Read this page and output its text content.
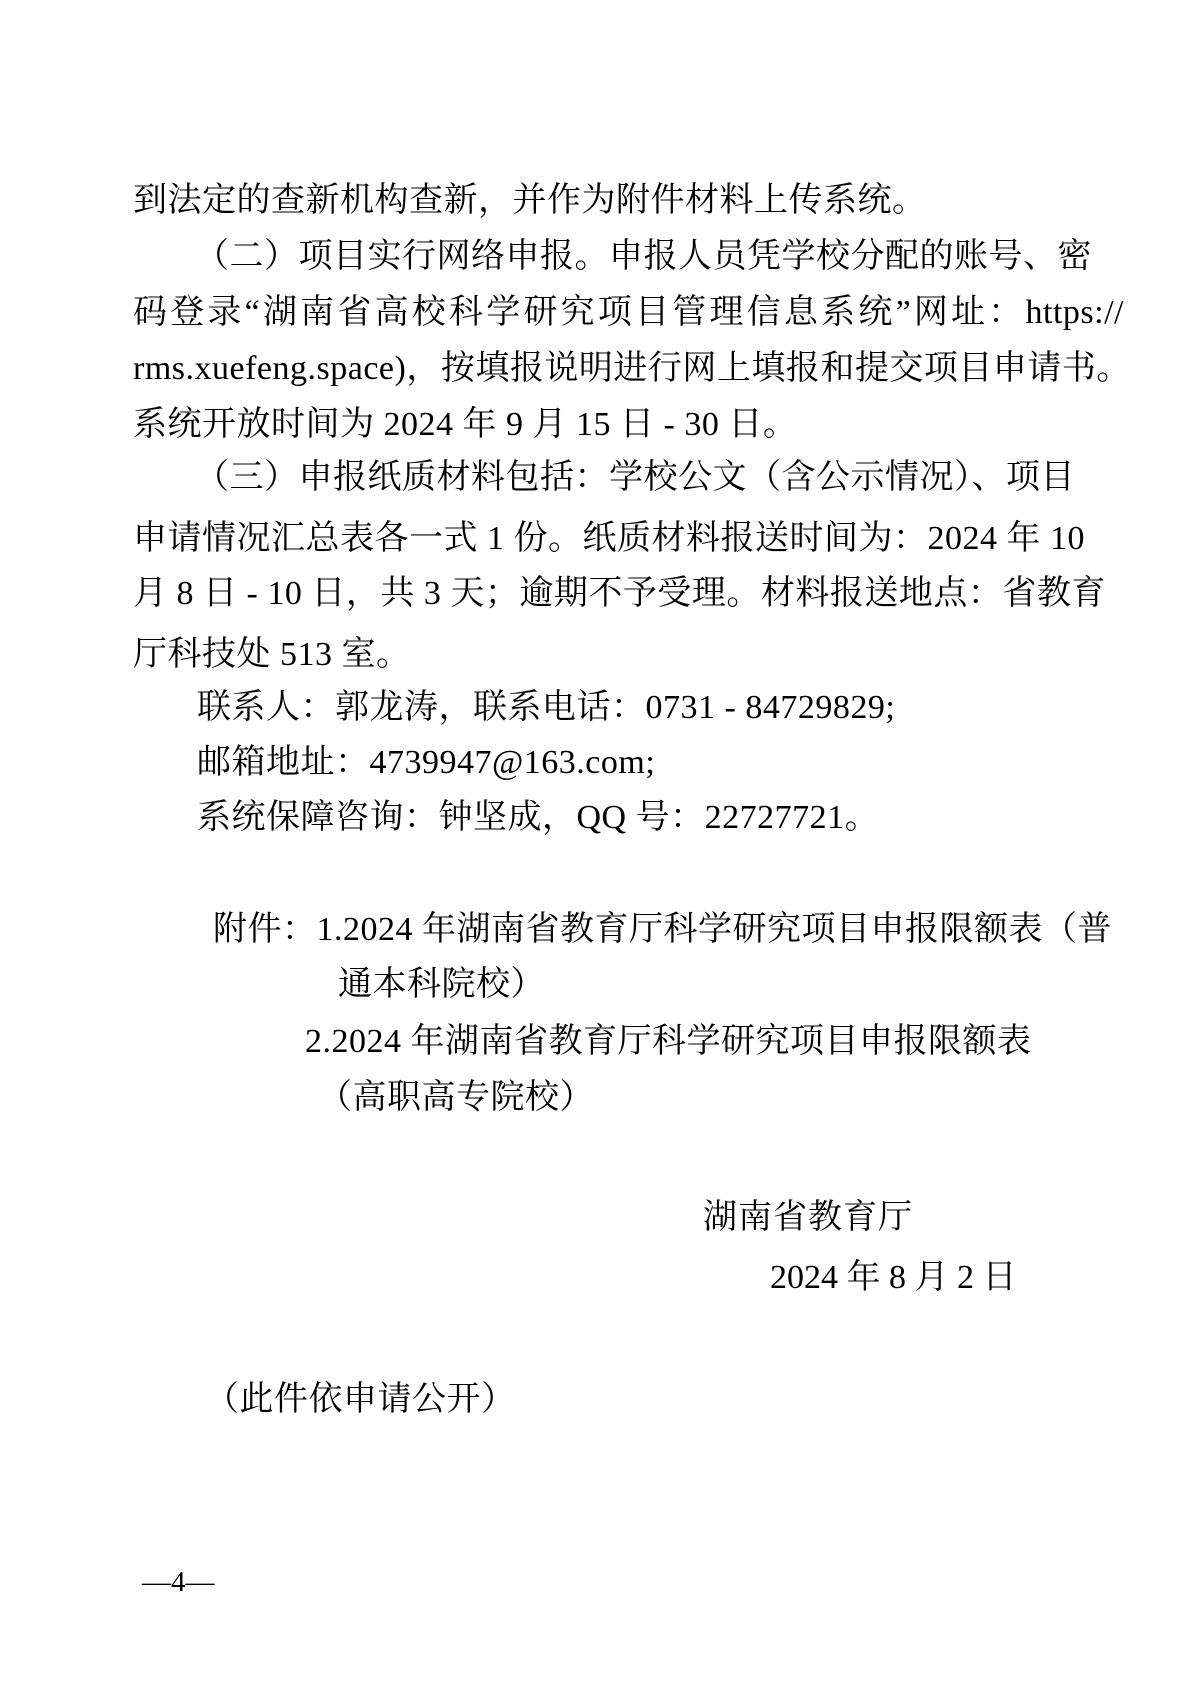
到法定的查新机构查新，并作为附件材料上传系统。
（二）项目实行网络申报。申报人员凭学校分配的账号、密
码登录“湖南省高校科学研究项目管理信息系统”网址：https://
rms.xuefeng.space)，按填报说明进行网上填报和提交项目申请书。
系统开放时间为 2024 年 9 月 15 日 - 30 日。
（三）申报纸质材料包括：学校公文（含公示情况）、项目
申请情况汇总表各一式 1 份。纸质材料报送时间为：2024 年 10
月 8 日 - 10 日，共 3 天；逾期不予受理。材料报送地点：省教育
厅科技处 513 室。
联系人：郭龙涛，联系电话：0731 - 84729829;
邮箱地址：4739947@163.com;
系统保障咨询：钟坚成，QQ 号：22727721。
附件：1.2024 年湖南省教育厅科学研究项目申报限额表（普
通本科院校）
2.2024 年湖南省教育厅科学研究项目申报限额表
（高职高专院校）
湖南省教育厅
2024 年 8 月 2 日
（此件依申请公开）
—4—
